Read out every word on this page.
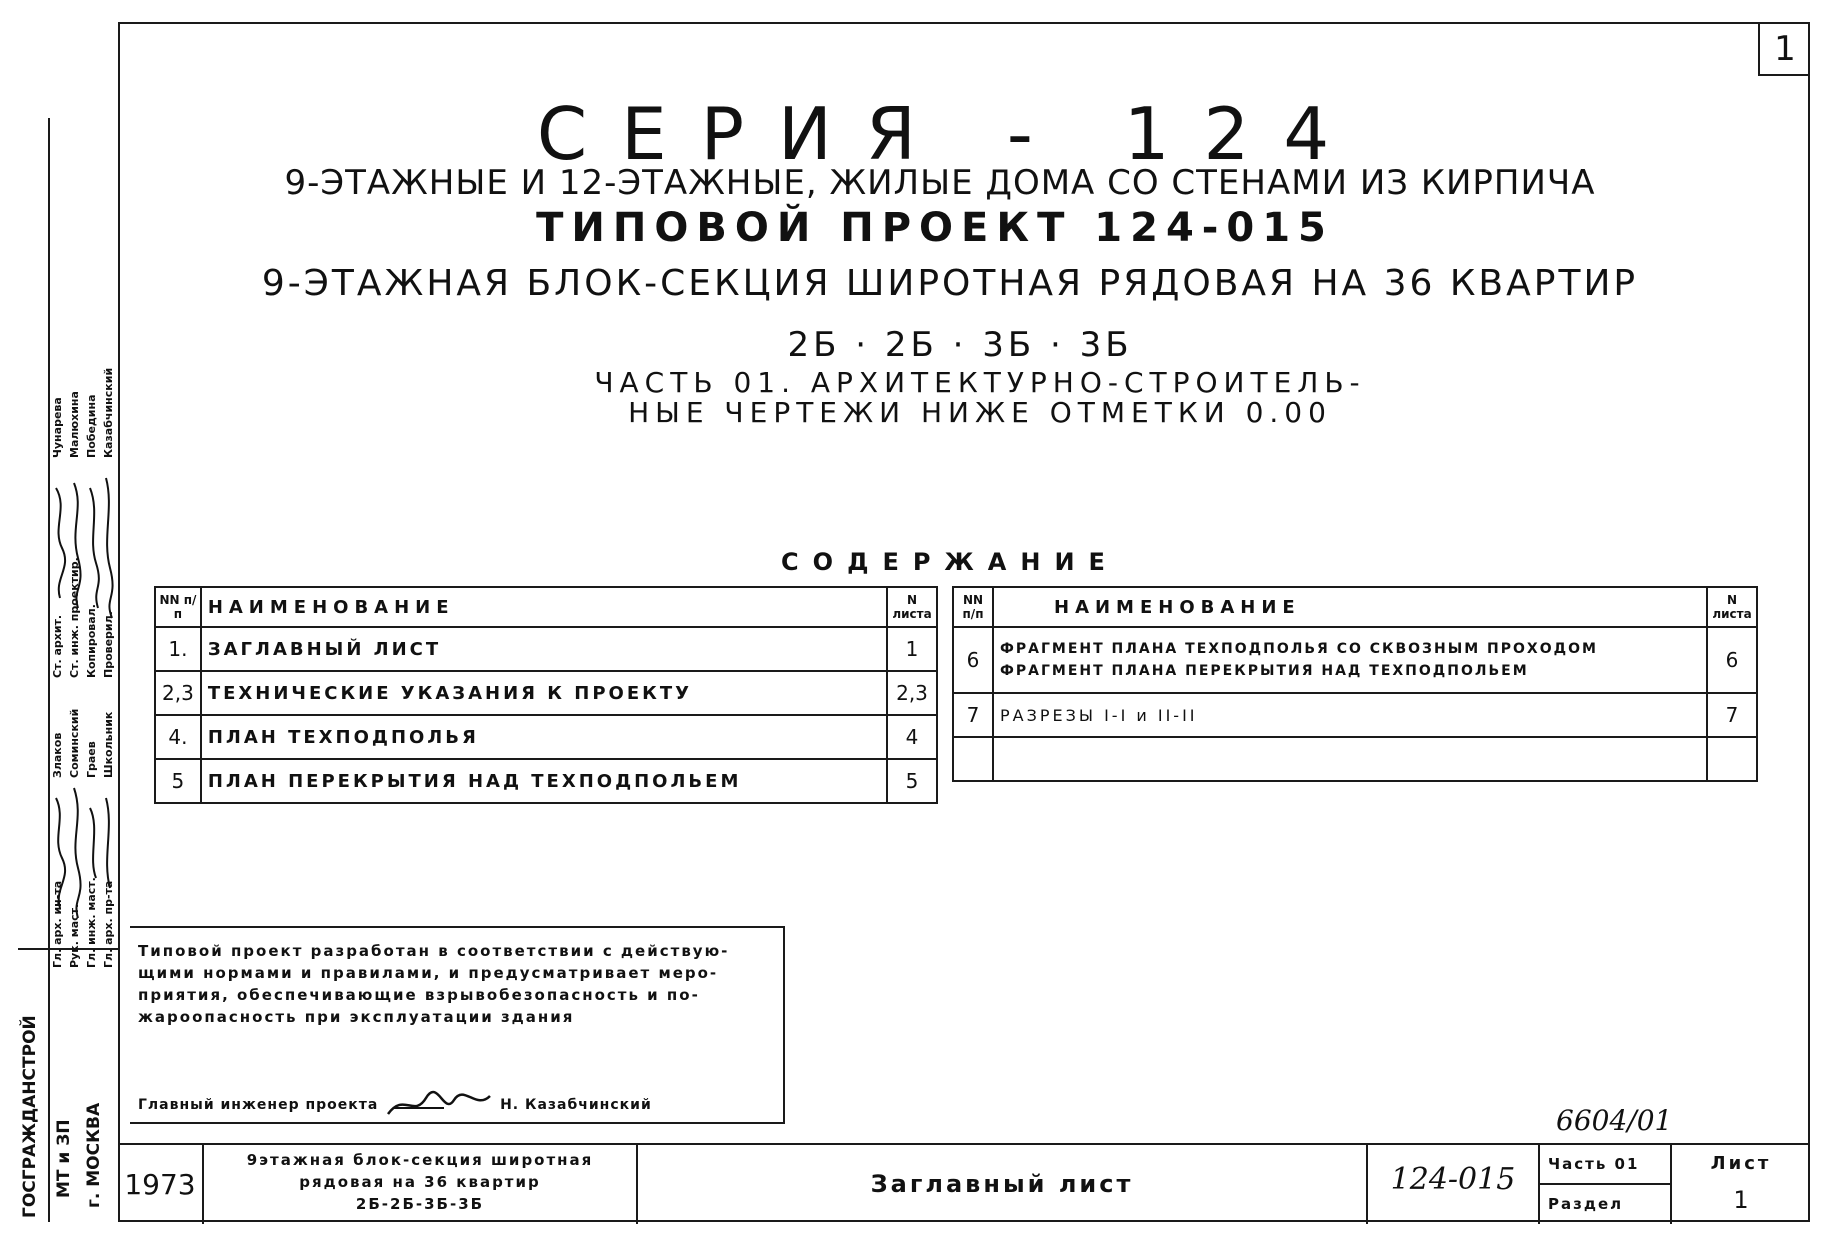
1
СЕРИЯ - 124
9-ЭТАЖНЫЕ И 12-ЭТАЖНЫЕ, ЖИЛЫЕ ДОМА СО СТЕНАМИ ИЗ КИРПИЧА
ТИПОВОЙ ПРОЕКТ 124-015
9-ЭТАЖНАЯ БЛОК-СЕКЦИЯ ШИРОТНАЯ РЯДОВАЯ НА 36 КВАРТИР
2Б · 2Б · 3Б · 3Б
ЧАСТЬ 01. АРХИТЕКТУРНО-СТРОИТЕЛЬ-
НЫЕ ЧЕРТЕЖИ НИЖЕ ОТМЕТКИ 0.00
СОДЕРЖАНИЕ
NN п/п	НАИМЕНОВАНИЕ	N листа
1.	ЗАГЛАВНЫЙ ЛИСТ	1
2,3	ТЕХНИЧЕСКИЕ УКАЗАНИЯ К ПРОЕКТУ	2,3
4.	ПЛАН ТЕХПОДПОЛЬЯ	4
5	ПЛАН ПЕРЕКРЫТИЯ НАД ТЕХПОДПОЛЬЕМ	5
NN п/п	НАИМЕНОВАНИЕ	N листа
6	ФРАГМЕНТ ПЛАНА ТЕХПОДПОЛЬЯ СО СКВОЗНЫМ ПРОХОДОМ
ФРАГМЕНТ ПЛАНА ПЕРЕКРЫТИЯ НАД ТЕХПОДПОЛЬЕМ	6
7	РАЗРЕЗЫ I-I и II-II	7

Типовой проект разработан в соответствии с действую-
щими нормами и правилами, и предусматривает меро-
приятия, обеспечивающие взрывобезопасность и по-
жароопасность при эксплуатации здания
Главный инженер проекта	Н. Казабчинский	6604/01
1973
9этажная блок-секция широтная
рядовая на 36 квартир
2Б-2Б-3Б-3Б
Заглавный лист	124-015	Часть 01
Раздел
Лист
1
Гл. арх. ин-та Рук. маст. Гл. инж. маст. Гл. арх. пр-та
Ст. архит. Ст. инж. проектир. Копировал. Проверил.
Злаков Соминский Граев Школьник
Чунарева Малюхина Победина Казабчинский
ГОСГРАЖДАНСТРОЙ МТ и ЗП г. МОСКВА
